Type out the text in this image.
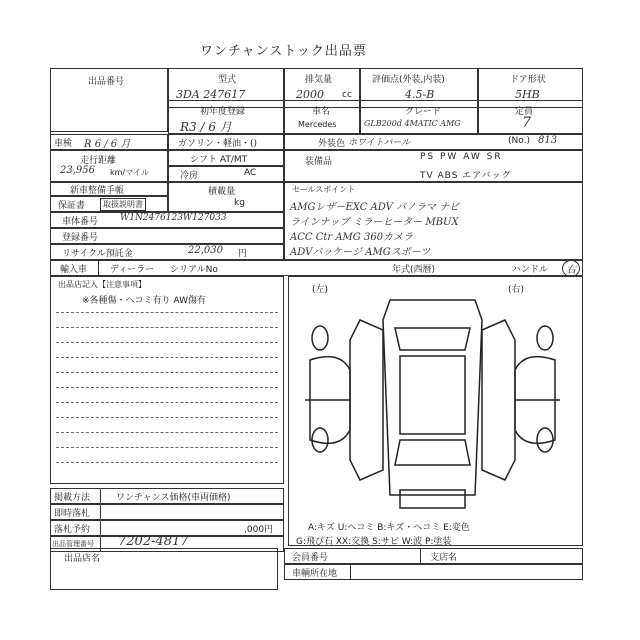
ワンチャンストック出品票
出品番号	型式
3DA 247617
排気量
2000 cc
評価点(外装,内装)
4.5-B
ドア形状
5HB
初年度登録
R3 / 6 月
車名
Mercedes
グレード
GLB200d 4MATIC AMG
定員
7
車検 R 6 / 6 月	ガソリン・軽油・()	外装色 ホワイトパール	(No.) 813
走行距離
23,956 km/マイル
シフト AT/MT
冷房	AC
装備品	PS PW AW SR
TV ABS エアバッグ
新車整備手帳	積載量
kg
保証書	取扱説明書
セールスポイント
AMGレザーEXC ADV パノラマ ナビ
ラインナップ ミラーヒーター MBUX
ACC Ctr AMG 360カメラ
ADVパッケージ AMGスポーツ
車体番号 W1N2476123W127033
登録番号
リサイクル預託金	22,030 円
輸入車	ディーラー シリアルNo	年式(西暦)	ハンドル	右
出品店記入【注意事項】
※各種傷・ヘコミ有り AW傷有
(左)	(右)
A:キズ U:ヘコミ B:キズ・ヘコミ E:変色
G:飛び石 XX:交換 S:サビ W:波 P:塗装
掲載方法	ワンチャンス価格(車両価格)
即時落札
落札予約	,000円
出品管理番号 7202-4817
出品店名	会員番号	支店名
車輌所在地
